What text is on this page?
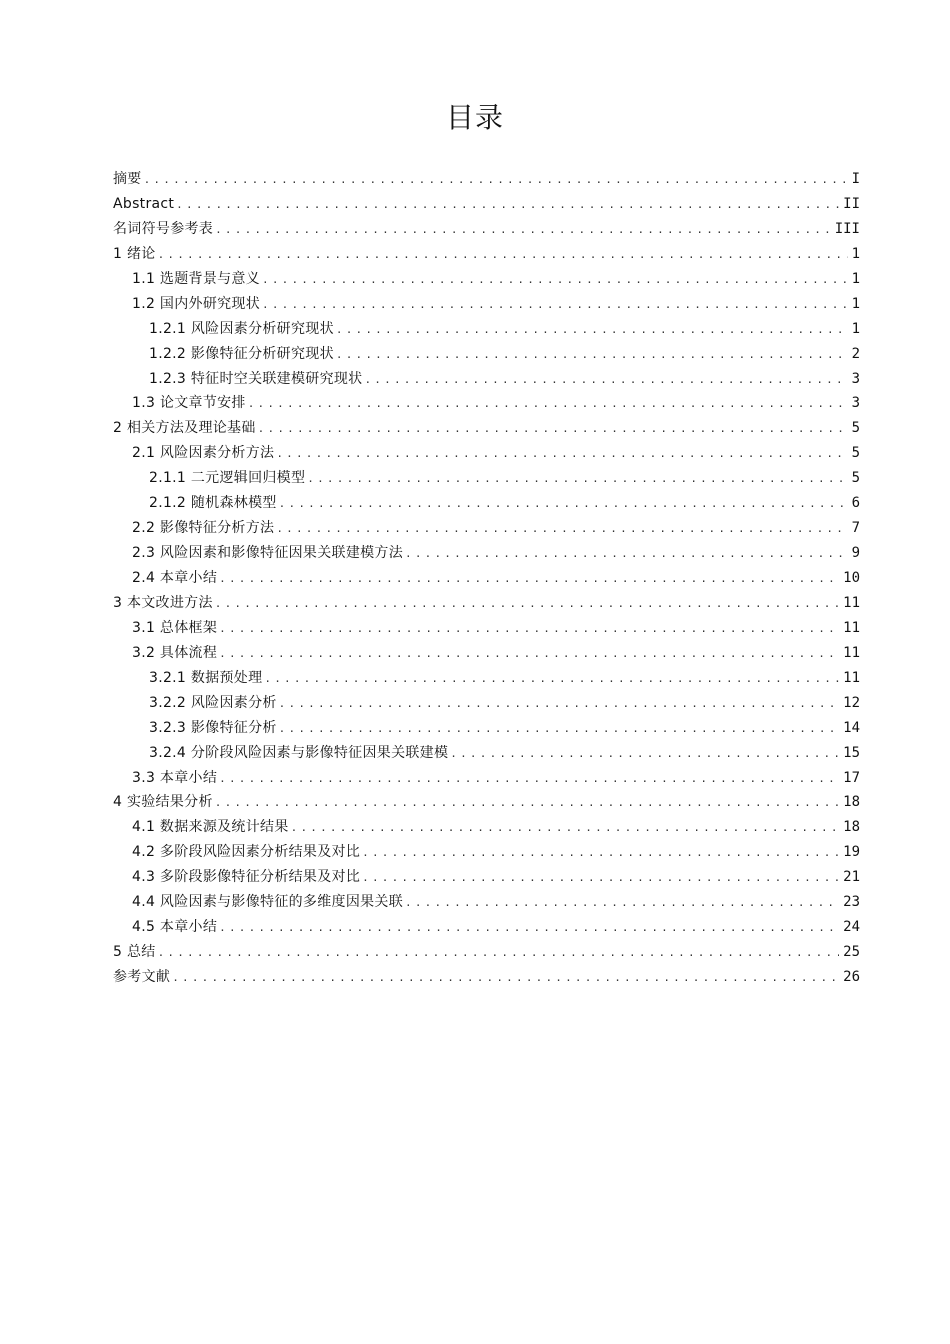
目录
摘要 .....	I
Abstract .....	II
名词符号参考表 .....	III
1 绪论 .....	1
1.1 选题背景与意义 .....	1
1.2 国内外研究现状 .....	1
1.2.1 风险因素分析研究现状 .....	1
1.2.2 影像特征分析研究现状 .....	2
1.2.3 特征时空关联建模研究现状 .....	3
1.3 论文章节安排 .....	3
2 相关方法及理论基础 .....	5
2.1 风险因素分析方法 .....	5
2.1.1 二元逻辑回归模型 .....	5
2.1.2 随机森林模型 .....	6
2.2 影像特征分析方法 .....	7
2.3 风险因素和影像特征因果关联建模方法 .....	9
2.4 本章小结 .....	10
3 本文改进方法 .....	11
3.1 总体框架 .....	11
3.2 具体流程 .....	11
3.2.1 数据预处理 .....	11
3.2.2 风险因素分析 .....	12
3.2.3 影像特征分析 .....	14
3.2.4 分阶段风险因素与影像特征因果关联建模 .....	15
3.3 本章小结 .....	17
4 实验结果分析 .....	18
4.1 数据来源及统计结果 .....	18
4.2 多阶段风险因素分析结果及对比 .....	19
4.3 多阶段影像特征分析结果及对比 .....	21
4.4 风险因素与影像特征的多维度因果关联 .....	23
4.5 本章小结 .....	24
5 总结 .....	25
参考文献 .....	26
